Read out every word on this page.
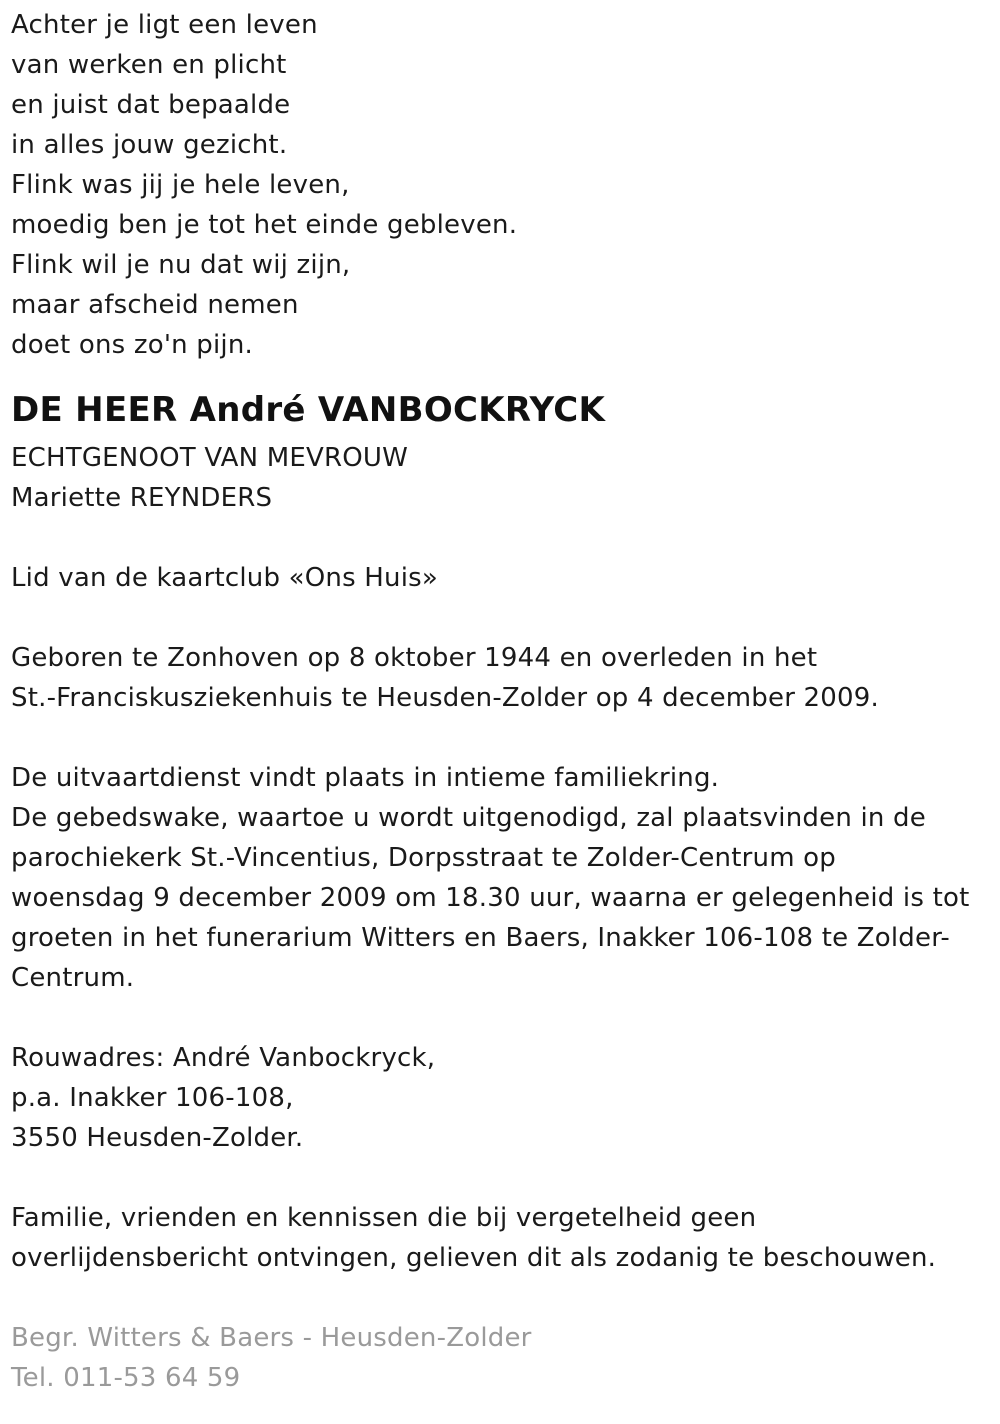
Achter je ligt een leven
van werken en plicht
en juist dat bepaalde
in alles jouw gezicht.
Flink was jij je hele leven,
moedig ben je tot het einde gebleven.
Flink wil je nu dat wij zijn,
maar afscheid nemen
doet ons zo'n pijn.
DE HEER André VANBOCKRYCK
ECHTGENOOT VAN MEVROUW
Mariette REYNDERS
Lid van de kaartclub «Ons Huis»
Geboren te Zonhoven op 8 oktober 1944 en overleden in het
St.-Franciskusziekenhuis te Heusden-Zolder op 4 december 2009.
De uitvaartdienst vindt plaats in intieme familiekring.
De gebedswake, waartoe u wordt uitgenodigd, zal plaatsvinden in de
parochiekerk St.-Vincentius, Dorpsstraat te Zolder-Centrum op
woensdag 9 december 2009 om 18.30 uur, waarna er gelegenheid is tot
groeten in het funerarium Witters en Baers, Inakker 106-108 te Zolder-
Centrum.
Rouwadres: André Vanbockryck,
p.a. Inakker 106-108,
3550 Heusden-Zolder.
Familie, vrienden en kennissen die bij vergetelheid geen
overlijdensbericht ontvingen, gelieven dit als zodanig te beschouwen.
Begr. Witters & Baers - Heusden-Zolder
Tel. 011-53 64 59
